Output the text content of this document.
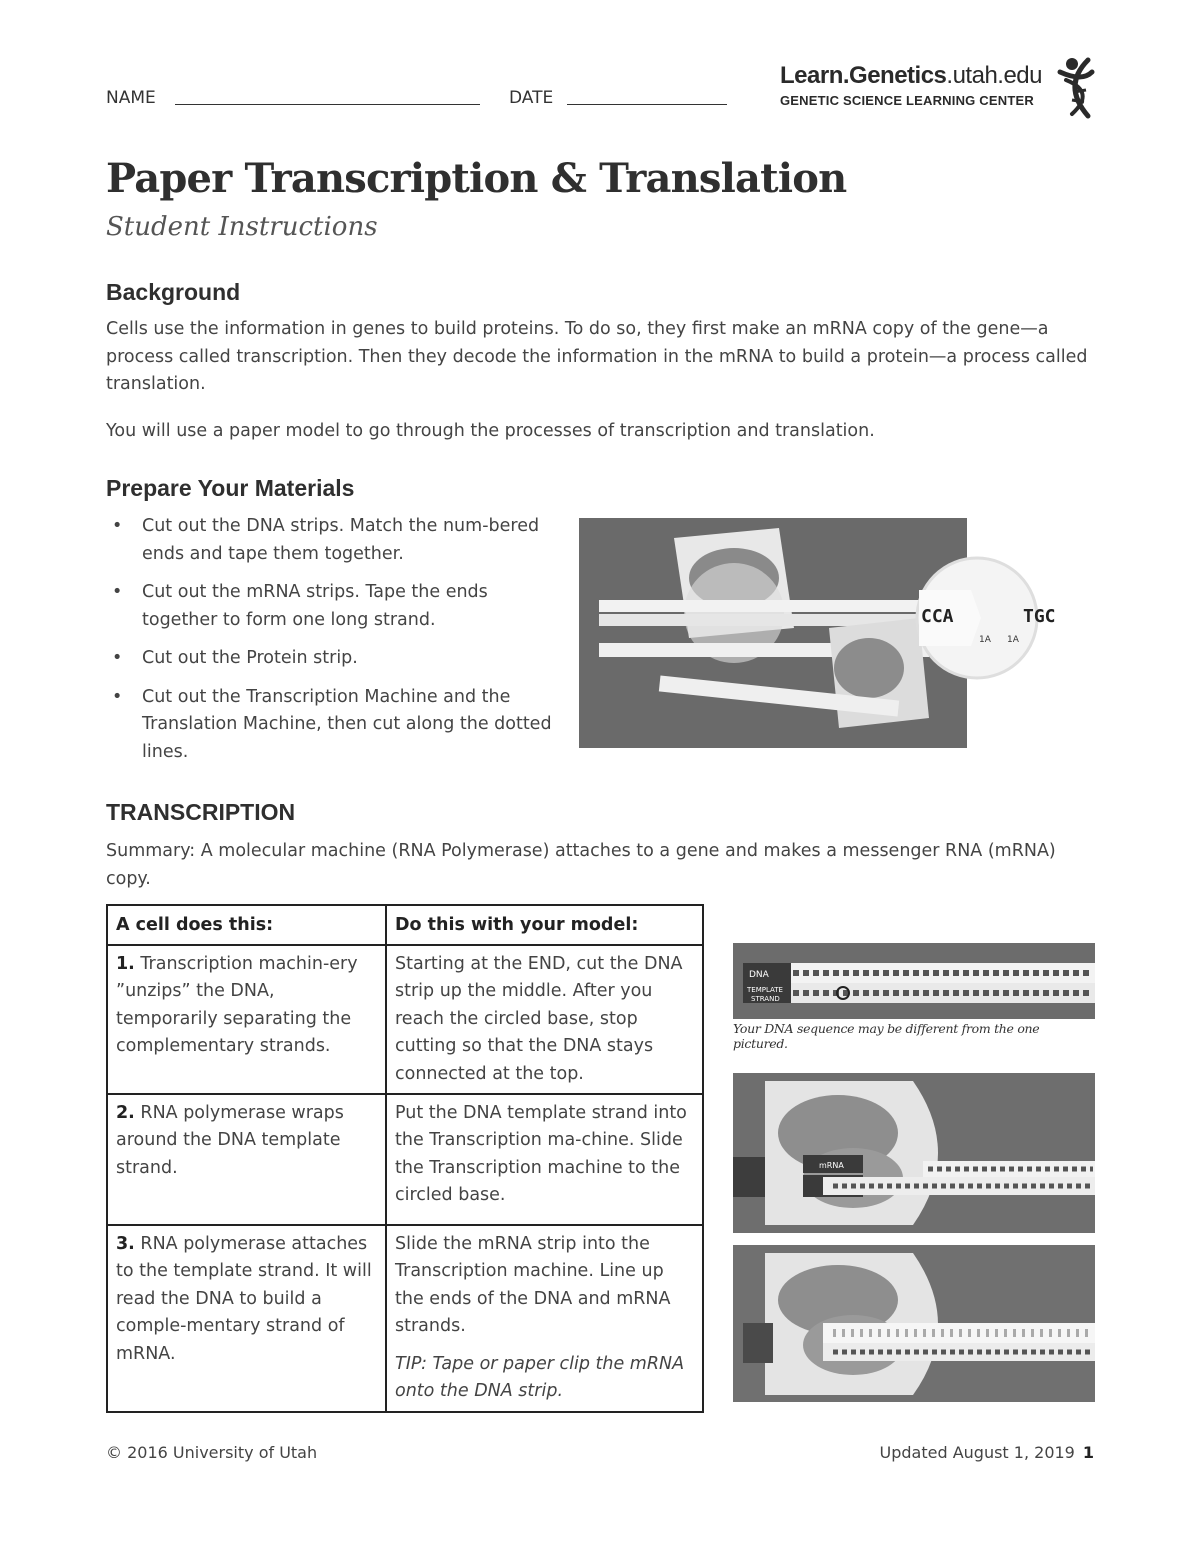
NAME	DATE
Learn.Genetics.utah.edu
GENETIC SCIENCE LEARNING CENTER
Paper Transcription & Translation
Student Instructions
Background
Cells use the information in genes to build proteins. To do so, they first make an mRNA copy of the gene—a process called transcription. Then they decode the information in the mRNA to build a protein—a process called translation.
You will use a paper model to go through the processes of transcription and translation.
Prepare Your Materials
• Cut out the DNA strips. Match the num-bered ends and tape them together.
• Cut out the mRNA strips. Tape the ends together to form one long strand.
• Cut out the Protein strip.
• Cut out the Transcription Machine and the Translation Machine, then cut along the dotted lines.
CCA	TGC
1A 1A
TRANSCRIPTION
Summary: A molecular machine (RNA Polymerase) attaches to a gene and makes a messenger RNA (mRNA) copy.
A cell does this:	Do this with your model:
1. Transcription machin-ery ”unzips” the DNA, temporarily separating the complementary strands.	Starting at the END, cut the DNA strip up the middle. After you reach the circled base, stop cutting so that the DNA stays connected at the top.
2. RNA polymerase wraps around the DNA template strand.	Put the DNA template strand into the Transcription ma-chine. Slide the Transcription machine to the circled base.
3. RNA polymerase attaches to the template strand. It will read the DNA to build a comple-mentary strand of mRNA.	Slide the mRNA strip into the Transcription machine. Line up the ends of the DNA and mRNA strands.
TIP: Tape or paper clip the mRNA onto the DNA strip.
DNA
TEMPLATE
STRAND
Your DNA sequence may be different from the one pictured.
mRNA
© 2016 University of Utah	Updated August 1, 2019 1
